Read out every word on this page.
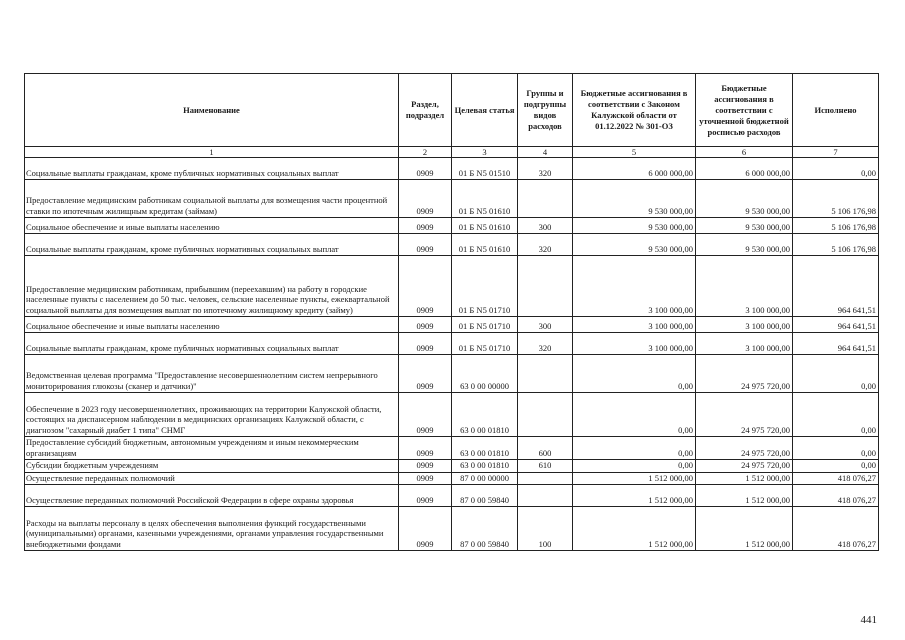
Наименование	Раздел, подраздел	Целевая статья	Группы и подгруппы видов расходов	Бюджетные ассигнования в соответствии с Законом Калужской области от 01.12.2022 № 301-ОЗ	Бюджетные ассигнования в соответствии с уточненной бюджетной росписью расходов	Исполнено
1	2	3	4	5	6	7
Социальные выплаты гражданам, кроме публичных нормативных социальных выплат	0909	01 Б N5 01510	320	6 000 000,00	6 000 000,00	0,00
Предоставление медицинским работникам социальной выплаты для возмещения части процентной ставки по ипотечным жилищным кредитам (займам)	0909	01 Б N5 01610		9 530 000,00	9 530 000,00	5 106 176,98
Социальное обеспечение и иные выплаты населению	0909	01 Б N5 01610	300	9 530 000,00	9 530 000,00	5 106 176,98
Социальные выплаты гражданам, кроме публичных нормативных социальных выплат	0909	01 Б N5 01610	320	9 530 000,00	9 530 000,00	5 106 176,98
Предоставление медицинским работникам, прибывшим (переехавшим) на работу в городские населенные пункты с населением до 50 тыс. человек, сельские населенные пункты, ежеквартальной социальной выплаты для возмещения выплат по ипотечному жилищному кредиту (займу)	0909	01 Б N5 01710		3 100 000,00	3 100 000,00	964 641,51
Социальное обеспечение и иные выплаты населению	0909	01 Б N5 01710	300	3 100 000,00	3 100 000,00	964 641,51
Социальные выплаты гражданам, кроме публичных нормативных социальных выплат	0909	01 Б N5 01710	320	3 100 000,00	3 100 000,00	964 641,51
Ведомственная целевая программа "Предоставление несовершеннолетним систем непрерывного мониторирования глюкозы (сканер и датчики)"	0909	63 0 00 00000		0,00	24 975 720,00	0,00
Обеспечение в 2023 году несовершеннолетних, проживающих на территории Калужской области, состоящих на диспансерном наблюдении в медицинских организациях Калужской области, с диагнозом "сахарный диабет 1 типа" СНМГ	0909	63 0 00 01810		0,00	24 975 720,00	0,00
Предоставление субсидий бюджетным, автономным учреждениям и иным некоммерческим организациям	0909	63 0 00 01810	600	0,00	24 975 720,00	0,00
Субсидии бюджетным учреждениям	0909	63 0 00 01810	610	0,00	24 975 720,00	0,00
Осуществление переданных полномочий	0909	87 0 00 00000		1 512 000,00	1 512 000,00	418 076,27
Осуществление переданных полномочий Российской Федерации в сфере охраны здоровья	0909	87 0 00 59840		1 512 000,00	1 512 000,00	418 076,27
Расходы на выплаты персоналу в целях обеспечения выполнения функций государственными (муниципальными) органами, казенными учреждениями, органами управления государственными внебюджетными фондами	0909	87 0 00 59840	100	1 512 000,00	1 512 000,00	418 076,27
441
